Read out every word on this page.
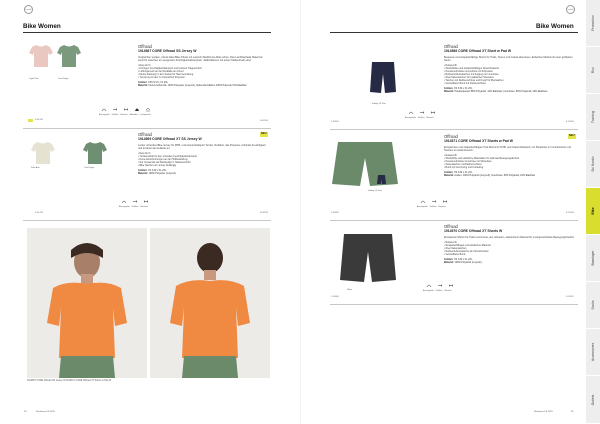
castelli
Bike Women
Light Pink	Cool Sage
0-91420
Atmungsaktiv Reißfest Elastisch Abriebfest Leichtgewicht
Offroad
1914567 CORE Offroad SS Jersey W
Vergleichen werden, robust ladet Bike-Trikots mit Lanzehn Meilhimme-Mais schen. Das Leichtbachelle Materinal sorgt für zwischen am ausgezehn Frischigkeitsabsorpsion. Zeitlichfahrem mit einem Marlienbuch einer
• Reip Air fit
• Körnigen Feuchtigkeitstransport und trocknet Tragecomfort
• Lüftungsmesh an der Rückfalte am Ärmel
• Meine Kleidung im den Sockel für Haut Gerückung
• Trennung mit den zu Unterschuh Polyester
Größen: XXS S M L XL 2XL
Material: Flexus & Retroid, 100% Polyester (recycelt), Seitenoberslätzen 100% Polyester 6% Elasthan
94-8155
Pale Ash	Cool Sage
0-51415
Atmungsaktiv Reißfest Elastisch
Offroad	NEU
1914569 CORE Offroad XT SS Jersey W
Locker sitzendes Bike-Jersey für MTB- und Gravel-Radsport Terrain. Reißfest, das Polyester verbindet Feuchtigkeit und trocknet die Gelände an.
• Reip Air fit
• Trockeneffekt für den schnellen Feuchtigkeitstransport
• Keine Einschnürungen an der Hüftbekleidung
• Nur Verwendet auf Rückseitig im Halsausschnitt
• Bike Taschen am Jersey Abhängig
Größen: XS S M L XL 2XL
Material: 100% Polyester (recycelt)
94-8153
1914567 CORE Offroad SS Jersey W 1914571 CORE Offroad XT Shorts w Pad W
34	Workwear FS 2025
castelli
Bike Women
Infinity Of Pan
1-93001
Atmungsaktiv Reißfest Elastisch
Offroad
1914586 CORE Offroad XT Short w Pad W
Bequeme und strapazierfähige Shorts für Trails, Touren und Gravel-Abenteuer. Einfaches Modell mit einer geflippten Saum.
• Relaxed fit
• Winddichtes und strapazierfähiges Stretchmaterial
• Herausnehmbare Innenshorts mit Sitzpolster
• Reißverschlusstaschen mit Zugang zur Innenhose
• Zwei Seitentaschen für praktischen Stauraum
• Taschen mit Reißverschluss und Knopf für Wertsachen
• Verstellbarer Bund mit Klettverschluss
Größen: XS S M L XL 2XL
Material: Hauptmaterial: 88% Polyamid, 12% Elasthan; Innenhose: 80% Polyamid, 20% Elasthan
9-16555
Infinity Of Pan
Atmungsaktiv Reißfest Elastisch
1-93002
Offroad	NEU
1914571 CORE Offroad XT Shorts w Pad W
Entspanntes und strapazierfähiges Trail-Shorts für MTB- und Gravel-Radsport, mit Sitzpolster im Innenbereich und Taschen im Außenbereich.
• Relaxed fit
• Winddichte und elastische Materialien für optimale Bewegungsfreiheit
• Herausnehmbare Innenhose mit Sitzpolster
• Seitentaschen mit Reißverschluss
• Bund mit Gummizug und Kordelzug
Größen: XS S M L XL 2XL
Material: Außen: 100% Polyamid (recycelt); Innenhose: 80% Polyamid, 20% Elasthan
9-16556
Slate	Atmungsaktiv Reißfest Elastisch
1-93005
Offroad
1914570 CORE Offroad XT Shorts W
Entspannte Shorts für Trails und Gravel, aus robustem, elastischem Material für uneingeschränkte Bewegungsfreiheit.
• Relaxed fit
• Strapazierfähiges und elastisches Material
• Zwei Seitentaschen
• Reißverschlusstasche am Oberschenkel
• Verstellbarer Bund
Größen: XS S M L XL 2XL
Material: 100% Polyamid (recycelt)
9-16557
Workwear FS 2025	35
Promotion
Run
Training
Ski Nordic
Bike
Baselayer
Socks
Accessories
Outlets
